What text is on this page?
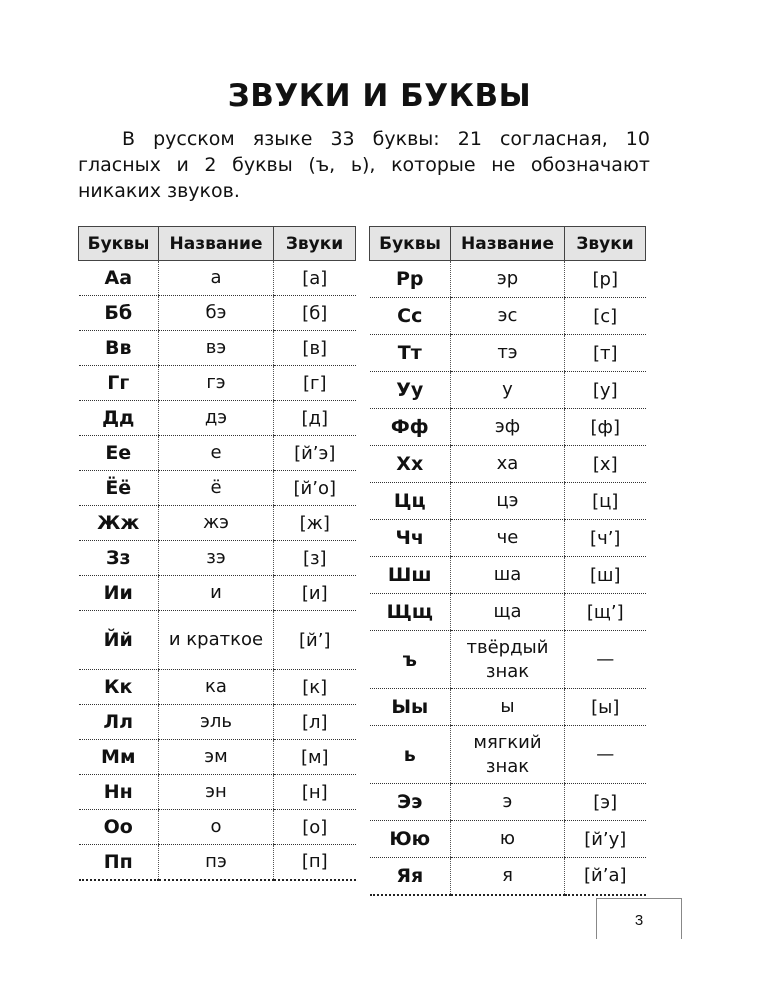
ЗВУКИ И БУКВЫ

В русском языке 33 буквы: 21 согласная, 10
гласных и 2 буквы (ъ, ь), которые не обозначают
никаких звуков.

Буквы	Название	Звуки
Аа	а	[а]
Бб	бэ	[б]
Вв	вэ	[в]
Гг	гэ	[г]
Дд	дэ	[д]
Ее	е	[й’э]
Ёё	ё	[й’о]
Жж	жэ	[ж]
Зз	зэ	[з]
Ии	и	[и]
Йй	и краткое	[й’]
Кк	ка	[к]
Лл	эль	[л]
Мм	эм	[м]
Нн	эн	[н]
Оо	о	[о]
Пп	пэ	[п]
Буквы	Название	Звуки
Рр	эр	[р]
Сс	эс	[с]
Тт	тэ	[т]
Уу	у	[у]
Фф	эф	[ф]
Хх	ха	[х]
Цц	цэ	[ц]
Чч	че	[ч’]
Шш	ша	[ш]
Щщ	ща	[щ’]
ъ	твёрдый знак	—
Ыы	ы	[ы]
ь	мягкий знак	—
Ээ	э	[э]
Юю	ю	[й’у]
Яя	я	[й’а]
3
